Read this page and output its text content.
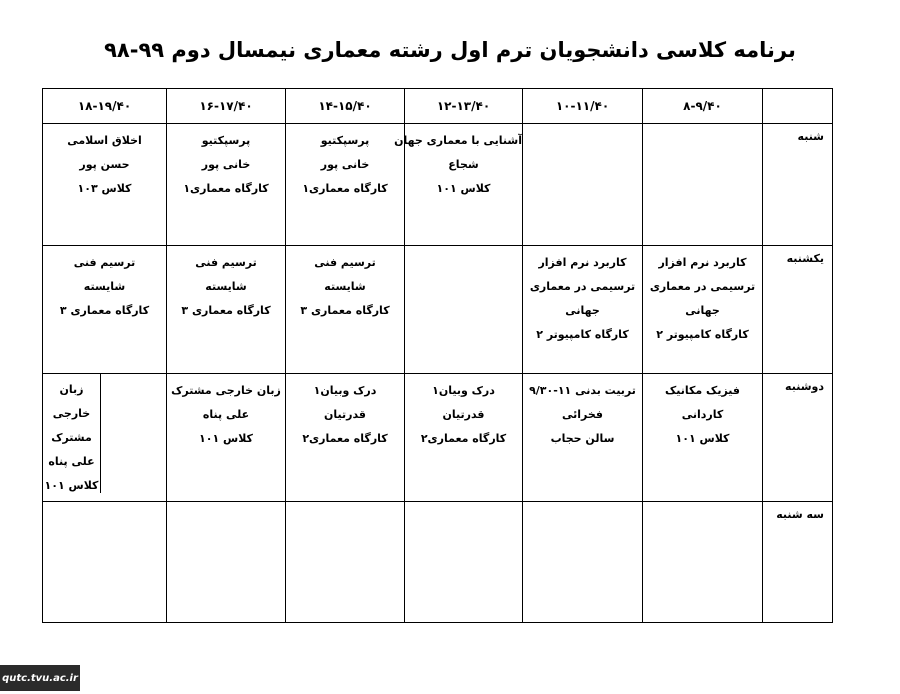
برنامه کلاسی دانشجویان ترم اول رشته معماری نیمسال دوم ۹۹-۹۸
۸-۹/۴۰
۱۰-۱۱/۴۰
۱۲-۱۳/۴۰
۱۴-۱۵/۴۰
۱۶-۱۷/۴۰
۱۸-۱۹/۴۰
شنبه
آشنایی با معماری جهان
شجاع
کلاس ۱۰۱
پرسپکتیو
خانی پور
کارگاه معماری۱
پرسپکتیو
خانی پور
کارگاه معماری۱
اخلاق اسلامی
حسن پور
کلاس ۱۰۳
یکشنبه
کاربرد نرم افزار
ترسیمی در معماری
جهانی
کارگاه کامپیوتر ۲
کاربرد نرم افزار
ترسیمی در معماری
جهانی
کارگاه کامپیوتر ۲
ترسیم فنی
شایسته
کارگاه معماری ۳
ترسیم فنی
شایسته
کارگاه معماری ۳
ترسیم فنی
شایسته
کارگاه معماری ۳
دوشنبه
فیزیک مکانیک
کاردانی
کلاس ۱۰۱
تربیت بدنی ۱۱-۹/۳۰
فخرائی
سالن حجاب
درک وبیان۱
قدرتیان
کارگاه معماری۲
درک وبیان۱
قدرتیان
کارگاه معماری۲
زبان خارجی مشترک
علی پناه
کلاس ۱۰۱
زبان
خارجی
مشترک
علی پناه
کلاس ۱۰۱
سه شنبه
qutc.tvu.ac.ir
